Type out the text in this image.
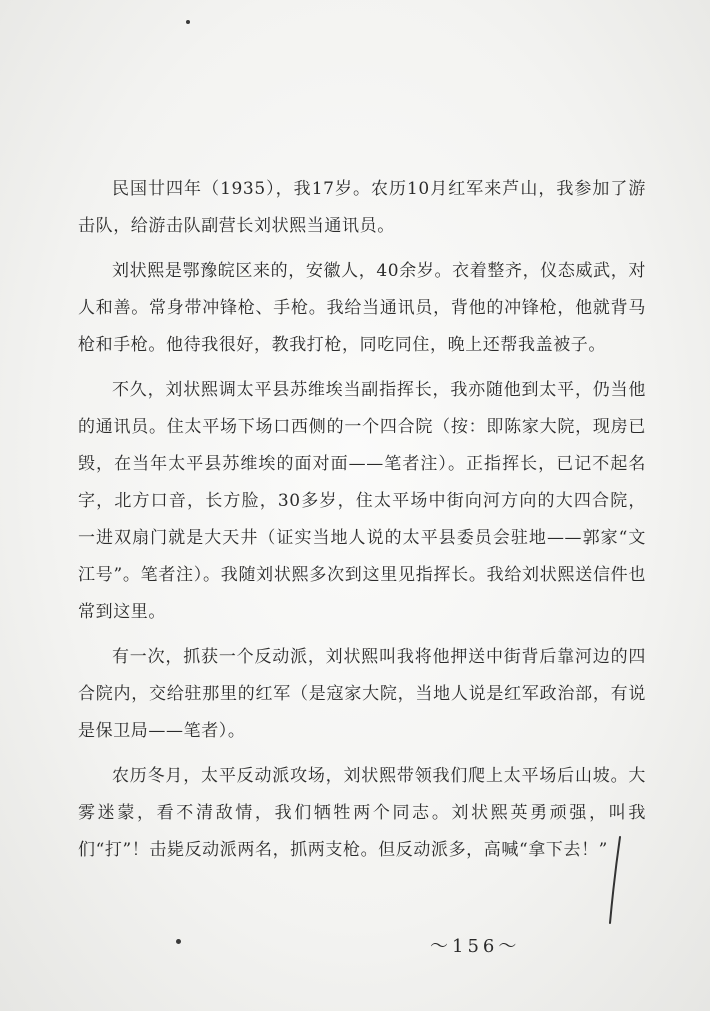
民国廿四年（1935），我17岁。农历10月红军来芦山，我参加了游击队，给游击队副营长刘状熙当通讯员。

刘状熙是鄂豫皖区来的，安徽人，40余岁。衣着整齐，仪态威武，对人和善。常身带冲锋枪、手枪。我给当通讯员，背他的冲锋枪，他就背马枪和手枪。他待我很好，教我打枪，同吃同住，晚上还帮我盖被子。

不久，刘状熙调太平县苏维埃当副指挥长，我亦随他到太平，仍当他的通讯员。住太平场下场口西侧的一个四合院（按：即陈家大院，现房已毁，在当年太平县苏维埃的面对面——笔者注）。正指挥长，已记不起名字，北方口音，长方脸，30多岁，住太平场中街向河方向的大四合院，一进双扇门就是大天井（证实当地人说的太平县委员会驻地——郭家“文江号”。笔者注）。我随刘状熙多次到这里见指挥长。我给刘状熙送信件也常到这里。

有一次，抓获一个反动派，刘状熙叫我将他押送中街背后靠河边的四合院内，交给驻那里的红军（是寇家大院，当地人说是红军政治部，有说是保卫局——笔者）。

农历冬月，太平反动派攻场，刘状熙带领我们爬上太平场后山坡。大雾迷蒙，看不清敌情，我们牺牲两个同志。刘状熙英勇顽强，叫我们“打”！击毙反动派两名，抓两支枪。但反动派多，高喊“拿下去！”

～156～
